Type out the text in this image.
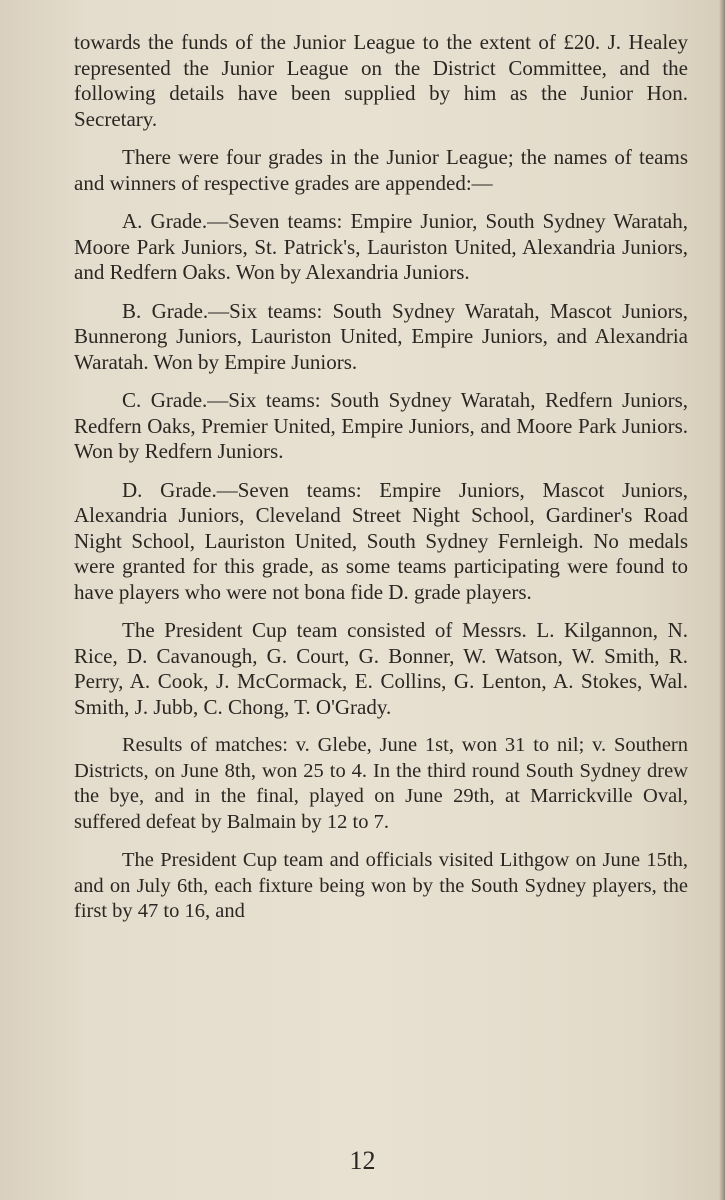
towards the funds of the Junior League to the extent of £20. J. Healey represented the Junior League on the District Committee, and the following details have been supplied by him as the Junior Hon. Secretary.

There were four grades in the Junior League; the names of teams and winners of respective grades are appended:—

A. Grade.—Seven teams: Empire Junior, South Sydney Waratah, Moore Park Juniors, St. Patrick's, Lauriston United, Alexandria Juniors, and Redfern Oaks. Won by Alexandria Juniors.

B. Grade.—Six teams: South Sydney Waratah, Mascot Juniors, Bunnerong Juniors, Lauriston United, Empire Juniors, and Alexandria Waratah. Won by Empire Juniors.

C. Grade.—Six teams: South Sydney Waratah, Redfern Juniors, Redfern Oaks, Premier United, Empire Juniors, and Moore Park Juniors. Won by Redfern Juniors.

D. Grade.—Seven teams: Empire Juniors, Mascot Juniors, Alexandria Juniors, Cleveland Street Night School, Gardiner's Road Night School, Lauriston United, South Sydney Fernleigh. No medals were granted for this grade, as some teams participating were found to have players who were not bona fide D. grade players.

The President Cup team consisted of Messrs. L. Kilgannon, N. Rice, D. Cavanough, G. Court, G. Bonner, W. Watson, W. Smith, R. Perry, A. Cook, J. McCormack, E. Collins, G. Lenton, A. Stokes, Wal. Smith, J. Jubb, C. Chong, T. O'Grady.

Results of matches: v. Glebe, June 1st, won 31 to nil; v. Southern Districts, on June 8th, won 25 to 4. In the third round South Sydney drew the bye, and in the final, played on June 29th, at Marrickville Oval, suffered defeat by Balmain by 12 to 7.

The President Cup team and officials visited Lithgow on June 15th, and on July 6th, each fixture being won by the South Sydney players, the first by 47 to 16, and

12
